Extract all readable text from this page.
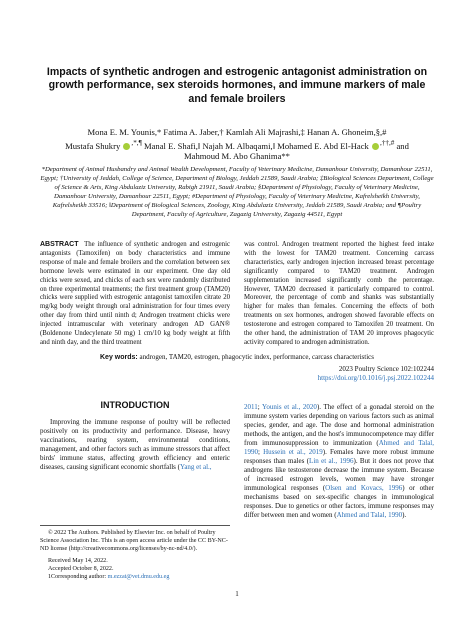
Impacts of synthetic androgen and estrogenic antagonist administration on growth performance, sex steroids hormones, and immune markers of male and female broilers
Mona E. M. Younis,* Fatima A. Jaber,† Kamlah Ali Majrashi,‡ Hanan A. Ghoneim,§,#
Mustafa Shukry ,*,¶ Manal E. Shafi,‖ Najah M. Albaqami,‖ Mohamed E. Abd El-Hack ,††,# and
Mahmoud M. Abo Ghanima**
*Department of Animal Husbandry and Animal Wealth Development, Faculty of Veterinary Medicine, Damanhour University, Damanhour 22511, Egypt; †University of Jeddah, College of Science, Department of Biology, Jeddah 21589, Saudi Arabia; ‡Biological Sciences Department, College of Science & Arts, King Abdulaziz University, Rabigh 21911, Saudi Arabia; §Department of Physiology, Faculty of Veterinary Medicine, Damanhour University, Damanhour 22511, Egypt; #Department of Physiology, Faculty of Veterinary Medicine, Kafrelsheikh University, Kafrelsheikh 33516; ‖Department of Biological Sciences, Zoology, King Abdulaziz University, Jeddah 21589, Saudi Arabia; and ¶Poultry Department, Faculty of Agriculture, Zagazig University, Zagazig 44511, Egypt
ABSTRACT The influence of synthetic androgen and estrogenic antagonists (Tamoxifen) on body characteristics and immune response of male and female broilers and the correlation between sex hormone levels were estimated in our experiment. One day old chicks were sexed, and chicks of each sex were randomly distributed on three experimental treatments; the first treatment group (TAM20) chicks were supplied with estrogenic antagonist tamoxifen citrate 20 mg/kg body weight through oral administration for four times every other day from third until ninth d; Androgen treatment chicks were injected intramuscular with veterinary androgen AD GAN® (Boldenone Undecylenate 50 mg) 1 cm/10 kg body weight at fifth and ninth day, and the third treatment
was control. Androgen treatment reported the highest feed intake with the lowest for TAM20 treatment. Concerning carcass characteristics, early androgen injection increased breast percentage significantly compared to TAM20 treatment. Androgen supplementation increased significantly comb the percentage. However, TAM20 decreased it particularly compared to control. Moreover, the percentage of comb and shanks was substantially higher for males than females. Concerning the effects of both treatments on sex hormones, androgen showed favorable effects on testosterone and estrogen compared to Tamoxifen 20 treatment. On the other hand, the administration of TAM 20 improves phagocytic activity compared to androgen administration.
Key words: androgen, TAM20, estrogen, phagocytic index, performance, carcass characteristics
2023 Poultry Science 102:102244
https://doi.org/10.1016/j.psj.2022.102244
INTRODUCTION
Improving the immune response of poultry will be reflected positively on its productivity and performance. Disease, heavy vaccinations, rearing system, environmental conditions, management, and other factors such as immune stressors that affect birds' immune status, affecting growth efficiency and enteric diseases, causing significant economic shortfalls (Yang et al.,
2011; Younis et al., 2020). The effect of a gonadal steroid on the immune system varies depending on various factors such as animal species, gender, and age. The dose and hormonal administration methods, the antigen, and the host's immunocompetence may differ from immunosuppression to immunization (Ahmed and Talal, 1990; Hussein et al., 2019). Females have more robust immune responses than males (Lin et al., 1996). But it does not prove that androgens like testosterone decrease the immune system. Because of increased estrogen levels, women may have stronger immunological responses (Olsen and Kovacs, 1996) or other mechanisms based on sex-specific changes in immunological responses. Due to genetics or other factors, immune responses may differ between men and women (Ahmed and Talal, 1990).

© 2022 The Authors. Published by Elsevier Inc. on behalf of Poultry Science Association Inc. This is an open access article under the CC BY-NC-ND license (http://creativecommons.org/licenses/by-nc-nd/4.0/).

Received May 14, 2022.

Accepted October 8, 2022.

1Corresponding author: m.ezzat@vet.dmu.edu.eg

1
